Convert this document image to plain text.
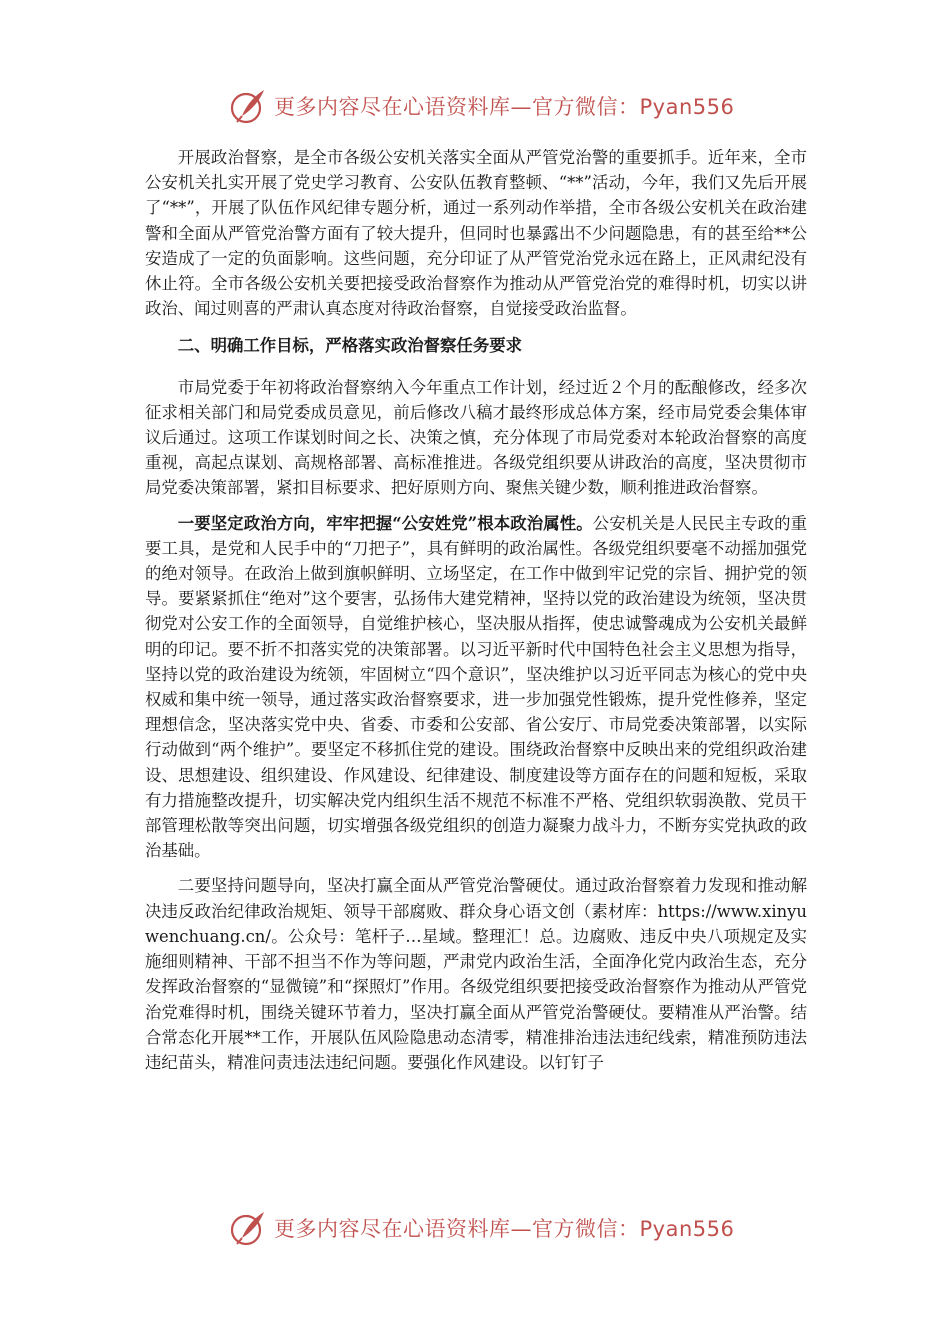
更多内容尽在心语资料库—官方微信：Pyan556

开展政治督察，是全市各级公安机关落实全面从严管党治警的重要抓手。近年来，全市公安机关扎实开展了党史学习教育、公安队伍教育整顿、“**”活动，今年，我们又先后开展了“**”，开展了队伍作风纪律专题分析，通过一系列动作举措，全市各级公安机关在政治建警和全面从严管党治警方面有了较大提升，但同时也暴露出不少问题隐患，有的甚至给**公安造成了一定的负面影响。这些问题，充分印证了从严管党治党永远在路上，正风肃纪没有休止符。全市各级公安机关要把接受政治督察作为推动从严管党治党的难得时机，切实以讲政治、闻过则喜的严肃认真态度对待政治督察，自觉接受政治监督。

二、明确工作目标，严格落实政治督察任务要求

市局党委于年初将政治督察纳入今年重点工作计划，经过近２个月的酝酿修改，经多次征求相关部门和局党委成员意见，前后修改八稿才最终形成总体方案，经市局党委会集体审议后通过。这项工作谋划时间之长、决策之慎，充分体现了市局党委对本轮政治督察的高度重视，高起点谋划、高规格部署、高标准推进。各级党组织要从讲政治的高度，坚决贯彻市局党委决策部署，紧扣目标要求、把好原则方向、聚焦关键少数，顺利推进政治督察。

一要坚定政治方向，牢牢把握“公安姓党”根本政治属性。公安机关是人民民主专政的重要工具，是党和人民手中的“刀把子”，具有鲜明的政治属性。各级党组织要毫不动摇加强党的绝对领导。在政治上做到旗帜鲜明、立场坚定，在工作中做到牢记党的宗旨、拥护党的领导。要紧紧抓住“绝对”这个要害，弘扬伟大建党精神，坚持以党的政治建设为统领，坚决贯彻党对公安工作的全面领导，自觉维护核心，坚决服从指挥，使忠诚警魂成为公安机关最鲜明的印记。要不折不扣落实党的决策部署。以习近平新时代中国特色社会主义思想为指导，坚持以党的政治建设为统领，牢固树立“四个意识”，坚决维护以习近平同志为核心的党中央权威和集中统一领导，通过落实政治督察要求，进一步加强党性锻炼，提升党性修养，坚定理想信念，坚决落实党中央、省委、市委和公安部、省公安厅、市局党委决策部署，以实际行动做到“两个维护”。要坚定不移抓住党的建设。围绕政治督察中反映出来的党组织政治建设、思想建设、组织建设、作风建设、纪律建设、制度建设等方面存在的问题和短板，采取有力措施整改提升，切实解决党内组织生活不规范不标准不严格、党组织软弱涣散、党员干部管理松散等突出问题，切实增强各级党组织的创造力凝聚力战斗力，不断夯实党执政的政治基础。

二要坚持问题导向，坚决打赢全面从严管党治警硬仗。通过政治督察着力发现和推动解决违反政治纪律政治规矩、领导干部腐败、群众身心语文创（素材库：https://www.xinyuwenchuang.cn/。公众号：笔杆子…星域。整理汇！总。边腐败、违反中央八项规定及实施细则精神、干部不担当不作为等问题，严肃党内政治生活，全面净化党内政治生态，充分发挥政治督察的“显微镜”和“探照灯”作用。各级党组织要把接受政治督察作为推动从严管党治党难得时机，围绕关键环节着力，坚决打赢全面从严管党治警硬仗。要精准从严治警。结合常态化开展**工作，开展队伍风险隐患动态清零，精准排治违法违纪线索，精准预防违法违纪苗头，精准问责违法违纪问题。要强化作风建设。以钉钉子

更多内容尽在心语资料库—官方微信：Pyan556
